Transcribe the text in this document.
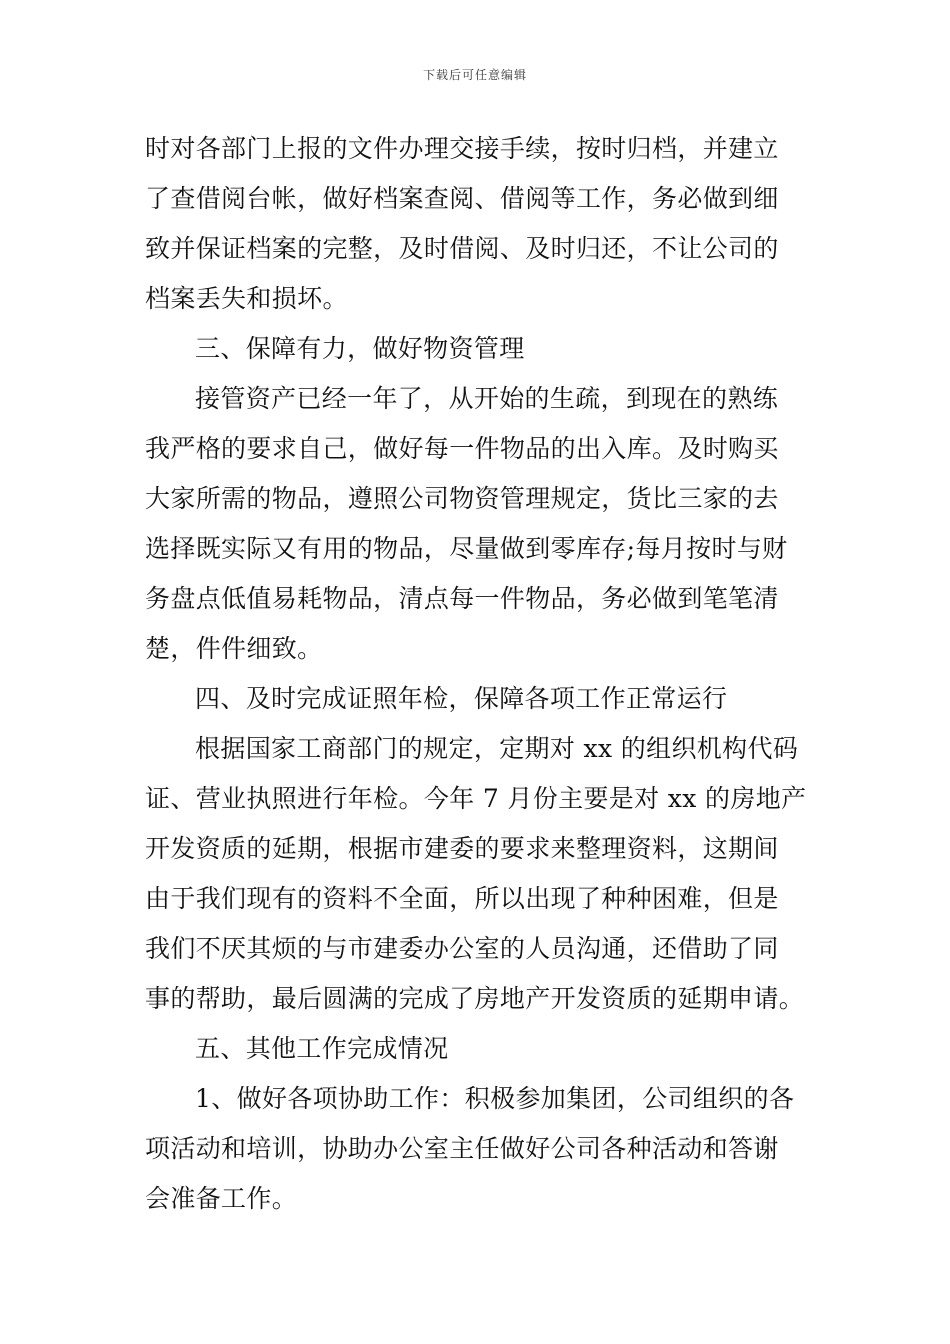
下载后可任意编辑
时对各部门上报的文件办理交接手续，按时归档，并建立
了查借阅台帐，做好档案查阅、借阅等工作，务必做到细
致并保证档案的完整，及时借阅、及时归还，不让公司的
档案丢失和损坏。
三、保障有力，做好物资管理
接管资产已经一年了，从开始的生疏，到现在的熟练
我严格的要求自己，做好每一件物品的出入库。及时购买
大家所需的物品，遵照公司物资管理规定，货比三家的去
选择既实际又有用的物品，尽量做到零库存;每月按时与财
务盘点低值易耗物品，清点每一件物品，务必做到笔笔清
楚，件件细致。
四、及时完成证照年检，保障各项工作正常运行
根据国家工商部门的规定，定期对 xx 的组织机构代码
证、营业执照进行年检。今年 7 月份主要是对 xx 的房地产
开发资质的延期，根据市建委的要求来整理资料，这期间
由于我们现有的资料不全面，所以出现了种种困难，但是
我们不厌其烦的与市建委办公室的人员沟通，还借助了同
事的帮助，最后圆满的完成了房地产开发资质的延期申请。
五、其他工作完成情况
1、做好各项协助工作：积极参加集团，公司组织的各
项活动和培训，协助办公室主任做好公司各种活动和答谢
会准备工作。
